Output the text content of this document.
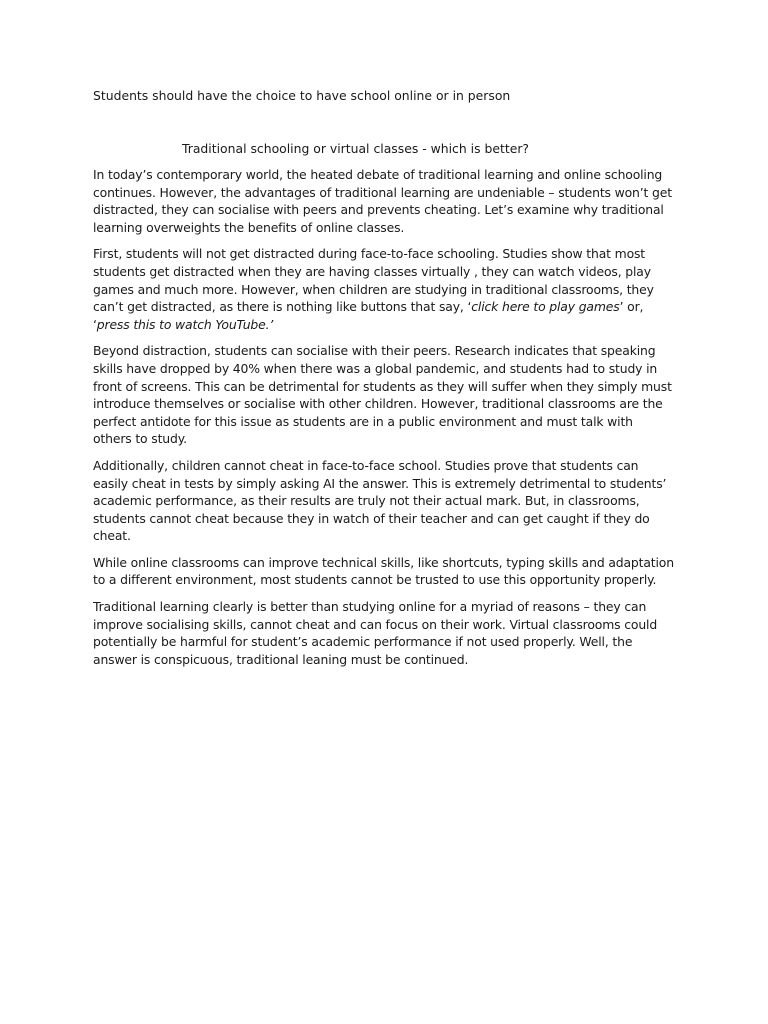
Students should have the choice to have school online or in person

Traditional schooling or virtual classes - which is better?

In today’s contemporary world, the heated debate of traditional learning and online schooling continues. However, the advantages of traditional learning are undeniable – students won’t get distracted, they can socialise with peers and prevents cheating. Let’s examine why traditional learning overweights the benefits of online classes.

First, students will not get distracted during face-to-face schooling. Studies show that most students get distracted when they are having classes virtually , they can watch videos, play games and much more. However, when children are studying in traditional classrooms, they can’t get distracted, as there is nothing like buttons that say, ‘click here to play games’ or, ‘press this to watch YouTube.’

Beyond distraction, students can socialise with their peers. Research indicates that speaking skills have dropped by 40% when there was a global pandemic, and students had to study in front of screens. This can be detrimental for students as they will suffer when they simply must introduce themselves or socialise with other children. However, traditional classrooms are the perfect antidote for this issue as students are in a public environment and must talk with others to study.

Additionally, children cannot cheat in face-to-face school. Studies prove that students can easily cheat in tests by simply asking AI the answer. This is extremely detrimental to students’ academic performance, as their results are truly not their actual mark. But, in classrooms, students cannot cheat because they in watch of their teacher and can get caught if they do cheat.

While online classrooms can improve technical skills, like shortcuts, typing skills and adaptation to a different environment, most students cannot be trusted to use this opportunity properly.

Traditional learning clearly is better than studying online for a myriad of reasons – they can improve socialising skills, cannot cheat and can focus on their work. Virtual classrooms could potentially be harmful for student’s academic performance if not used properly. Well, the answer is conspicuous, traditional leaning must be continued.
